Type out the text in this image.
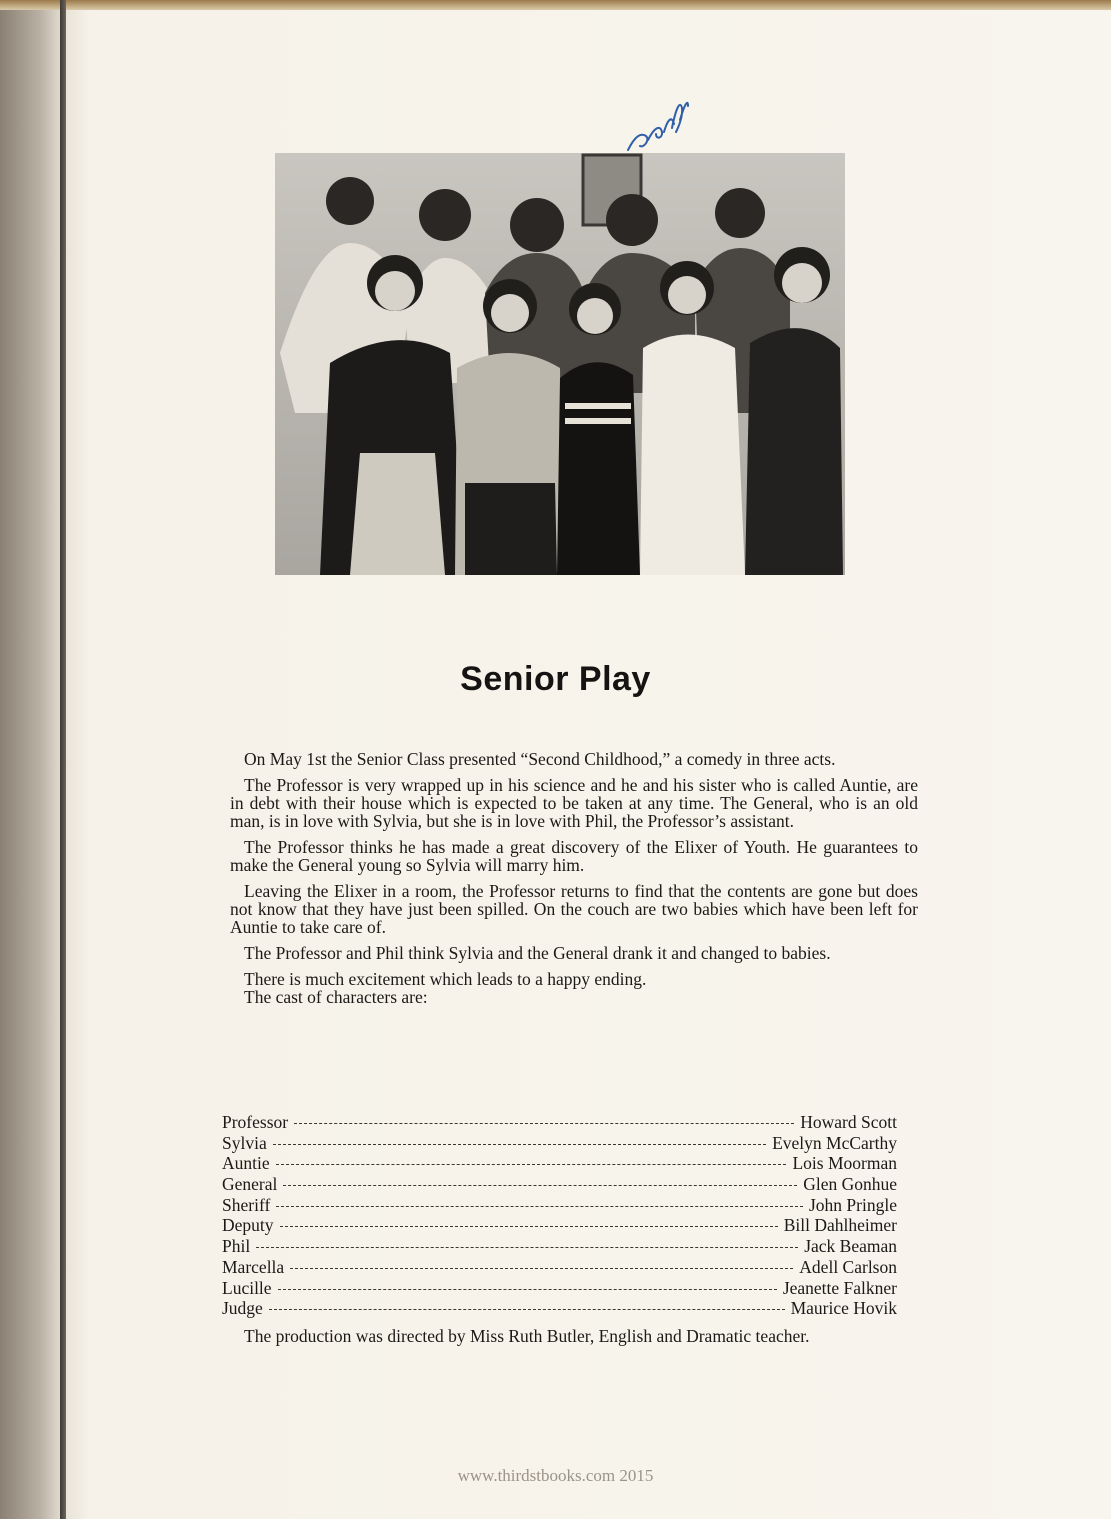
Senior Play

On May 1st the Senior Class presented “Second Childhood,” a comedy in three acts.

The Professor is very wrapped up in his science and he and his sister who is called Auntie, are in debt with their house which is expected to be taken at any time. The General, who is an old man, is in love with Sylvia, but she is in love with Phil, the Professor’s assistant.

The Professor thinks he has made a great discovery of the Elixer of Youth. He guarantees to make the General young so Sylvia will marry him.

Leaving the Elixer in a room, the Professor returns to find that the contents are gone but does not know that they have just been spilled. On the couch are two babies which have been left for Auntie to take care of.

The Professor and Phil think Sylvia and the General drank it and changed to babies.

There is much excitement which leads to a happy ending.

The cast of characters are:

Professor	Howard Scott
Sylvia	Evelyn McCarthy
Auntie	Lois Moorman
General	Glen Gonhue
Sheriff	John Pringle
Deputy	Bill Dahlheimer
Phil	Jack Beaman
Marcella	Adell Carlson
Lucille	Jeanette Falkner
Judge	Maurice Hovik

The production was directed by Miss Ruth Butler, English and Dramatic teacher.

www.thirdstbooks.com 2015
